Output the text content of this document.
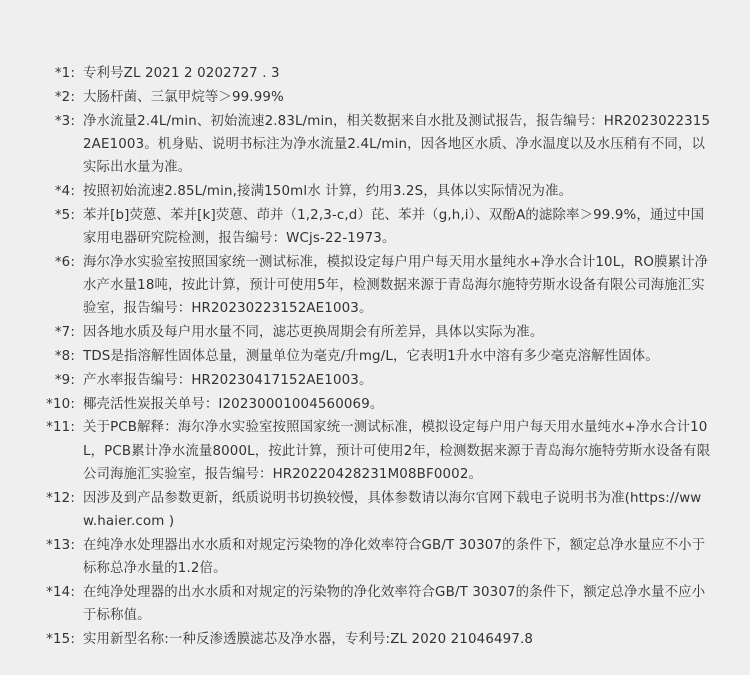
*1: 专利号ZL 2021 2 0202727 . 3
*2: 大肠杆菌、三氯甲烷等＞99.99%
*3: 净水流量2.4L/min、初始流速2.83L/min，相关数据来自水批及测试报告，报告编号：HR20230223152AE1003。机身贴、说明书标注为净水流量2.4L/min，因各地区水质、净水温度以及水压稍有不同，以实际出水量为准。
*4: 按照初始流速2.85L/min,接满150ml水 计算，约用3.2S，具体以实际情况为准。
*5: 苯并[b]荧蒽、苯并[k]荧蒽、茚并（1,2,3-c,d）芘、苯并（g,h,i）、双酚A的滤除率＞99.9%，通过中国家用电器研究院检测，报告编号：WCjs-22-1973。
*6: 海尔净水实验室按照国家统一测试标准，模拟设定每户用户每天用水量纯水+净水合计10L，RO膜累计净水产水量18吨，按此计算，预计可使用5年，检测数据来源于青岛海尔施特劳斯水设备有限公司海施汇实验室，报告编号：HR20230223152AE1003。
*7: 因各地水质及每户用水量不同，滤芯更换周期会有所差异，具体以实际为准。
*8: TDS是指溶解性固体总量，测量单位为毫克/升mg/L，它表明1升水中溶有多少毫克溶解性固体。
*9: 产水率报告编号：HR20230417152AE1003。
*10: 椰壳活性炭报关单号：I20230001004560069。
*11: 关于PCB解释：海尔净水实验室按照国家统一测试标准，模拟设定每户用户每天用水量纯水+净水合计10L，PCB累计净水流量8000L，按此计算，预计可使用2年，检测数据来源于青岛海尔施特劳斯水设备有限公司海施汇实验室，报告编号：HR20220428231M08BF0002。
*12: 因涉及到产品参数更新，纸质说明书切换较慢，具体参数请以海尔官网下载电子说明书为准(https://www.haier.com )
*13: 在纯净水处理器出水水质和对规定污染物的净化效率符合GB/T 30307的条件下，额定总净水量应不小于标称总净水量的1.2倍。
*14: 在纯净处理器的出水水质和对规定的污染物的净化效率符合GB/T 30307的条件下，额定总净水量不应小于标称值。
*15: 实用新型名称:一种反渗透膜滤芯及净水器，专利号:ZL 2020 21046497.8
